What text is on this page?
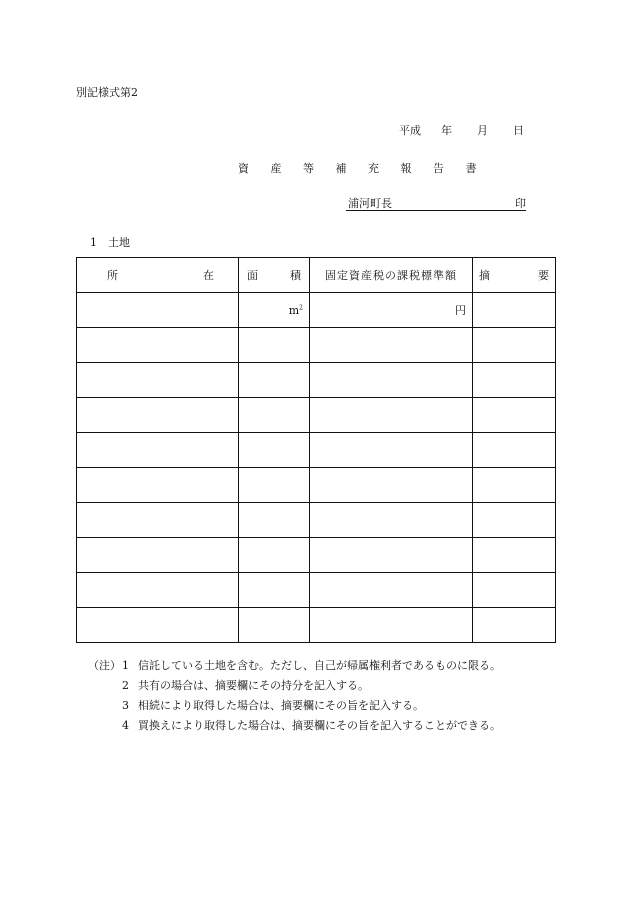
別記様式第2
平成 年 月 日
資 産 等 補 充 報 告 書
浦河町長	印
1　土地
所 在	面 積	固定資産税の課税標準額	摘 要

	$m^2$	円	

（注）1 信託している土地を含む。ただし、自己が帰属権利者であるものに限る。
2 共有の場合は、摘要欄にその持分を記入する。
3 相続により取得した場合は、摘要欄にその旨を記入する。
4 買換えにより取得した場合は、摘要欄にその旨を記入することができる。
